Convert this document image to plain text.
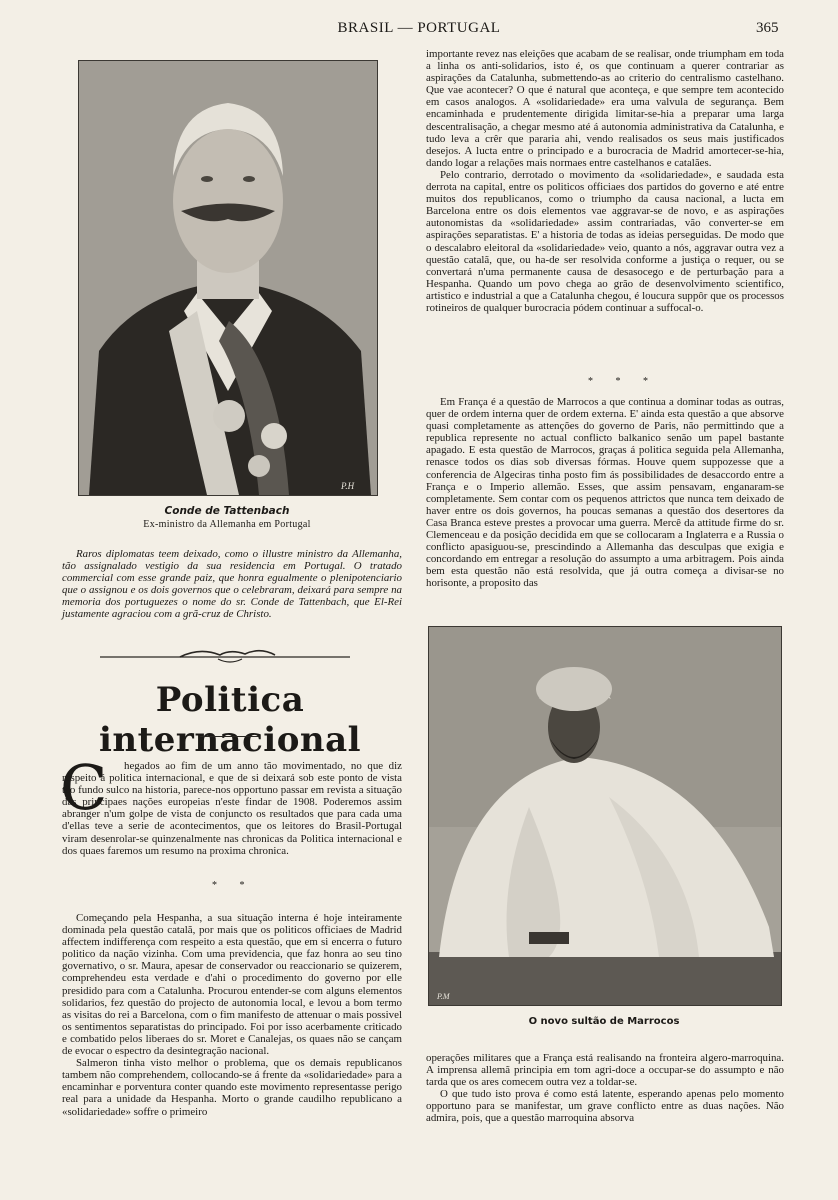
BRASIL — PORTUGAL	365
P.H
Conde de Tattenbach
Ex-ministro da Allemanha em Portugal

Raros diplomatas teem deixado, como o illustre ministro da Allemanha, tão assignalado vestigio da sua residencia em Portugal. O tratado commercial com esse grande paiz, que honra egualmente o plenipotenciario que o assignou e os dois governos que o celebraram, deixará para sempre na memoria dos portuguezes o nome do sr. Conde de Tattenbach, que El-Rei justamente agraciou com a grã-cruz de Christo.

Politica internacional
C	hegados ao fim de um anno tão movimentado, no que diz respeito á politica internacional, e que de si deixará sob este ponto de vista tão fundo sulco na historia, parece-nos opportuno passar em revista a situação das principaes nações europeias n'este findar de 1908. Poderemos assim abranger n'um golpe de vista de conjuncto os resultados que para cada uma d'ellas teve a serie de acontecimentos, que os leitores do Brasil-Portugal viram desenrolar-se quinzenalmente nas chronicas da Politica internacional e dos quaes faremos um resumo na proxima chronica.

* *

Começando pela Hespanha, a sua situação interna é hoje inteiramente dominada pela questão catalã, por mais que os politicos officiaes de Madrid affectem indifferença com respeito a esta questão, que em si encerra o futuro politico da nação vizinha. Com uma previdencia, que faz honra ao seu tino governativo, o sr. Maura, apesar de conservador ou reaccionario se quizerem, comprehendeu esta verdade e d'ahi o procedimento do governo por elle presidido para com a Catalunha. Procurou entender-se com alguns elementos solidarios, fez questão do projecto de autonomia local, e levou a bom termo as visitas do rei a Barcelona, com o fim manifesto de attenuar o mais possivel os sentimentos separatistas do principado. Foi por isso acerbamente criticado e combatido pelos liberaes do sr. Moret e Canalejas, os quaes não se cançam de evocar o espectro da desintegração nacional.

Salmeron tinha visto melhor o problema, que os demais republicanos tambem não comprehendem, collocando-se á frente da «solidariedade» para a encaminhar e porventura conter quando este movimento representasse perigo real para a unidade da Hespanha. Morto o grande caudilho republicano a «solidariedade» soffre o primeiro

importante revez nas eleições que acabam de se realisar, onde triumpham em toda a linha os anti-solidarios, isto é, os que continuam a querer contrariar as aspirações da Catalunha, submettendo-as ao criterio do centralismo castelhano. Que vae acontecer? O que é natural que aconteça, e que sempre tem acontecido em casos analogos. A «solidariedade» era uma valvula de segurança. Bem encaminhada e prudentemente dirigida limitar-se-hia a preparar uma larga descentralisação, a chegar mesmo até á autonomia administrativa da Catalunha, e tudo leva a crêr que pararia ahi, vendo realisados os seus mais justificados desejos. A lucta entre o principado e a burocracia de Madrid amortecer-se-hia, dando logar a relações mais normaes entre castelhanos e catalães.

Pelo contrario, derrotado o movimento da «solidariedade», e saudada esta derrota na capital, entre os politicos officiaes dos partidos do governo e até entre muitos dos republicanos, como o triumpho da causa nacional, a lucta em Barcelona entre os dois elementos vae aggravar-se de novo, e as aspirações autonomistas da «solidariedade» assim contrariadas, vão converter-se em aspirações separatistas. E' a historia de todas as ideias perseguidas. De modo que o descalabro eleitoral da «solidariedade» veio, quanto a nós, aggravar outra vez a questão catalã, que, ou ha-de ser resolvida conforme a justiça o requer, ou se convertará n'uma permanente causa de desasocego e de perturbação para a Hespanha. Quando um povo chega ao grão de desenvolvimento scientifico, artistico e industrial a que a Catalunha chegou, é loucura suppôr que os processos rotineiros de qualquer burocracia pódem continuar a suffocal-o.

* * *

Em França é a questão de Marrocos a que continua a dominar todas as outras, quer de ordem interna quer de ordem externa. E' ainda esta questão a que absorve quasi completamente as attenções do governo de Paris, não permittindo que a republica represente no actual conflicto balkanico senão um papel bastante apagado. E esta questão de Marrocos, graças á politica seguida pela Allemanha, renasce todos os dias sob diversas fórmas. Houve quem suppozesse que a conferencia de Algeciras tinha posto fim ás possibilidades de desaccordo entre a França e o Imperio allemão. Esses, que assim pensavam, enganaram-se completamente. Sem contar com os pequenos attrictos que nunca tem deixado de haver entre os dois governos, ha poucas semanas a questão dos desertores da Casa Branca esteve prestes a provocar uma guerra. Mercê da attitude firme do sr. Clemenceau e da posição decidida em que se collocaram a Inglaterra e a Russia o conflicto apasiguou-se, prescindindo a Allemanha das desculpas que exigia e concordando em entregar a resolução do assumpto a uma arbitragem. Pois ainda bem esta questão não está resolvida, que já outra começa a divisar-se no horisonte, a proposito das

P.M
O novo sultão de Marrocos

operações militares que a França está realisando na fronteira algero-marroquina. A imprensa allemã principia em tom agri-doce a occupar-se do assumpto e não tarda que os ares comecem outra vez a toldar-se.

O que tudo isto prova é como está latente, esperando apenas pelo momento opportuno para se manifestar, um grave conflicto entre as duas nações. Não admira, pois, que a questão marroquina absorva
